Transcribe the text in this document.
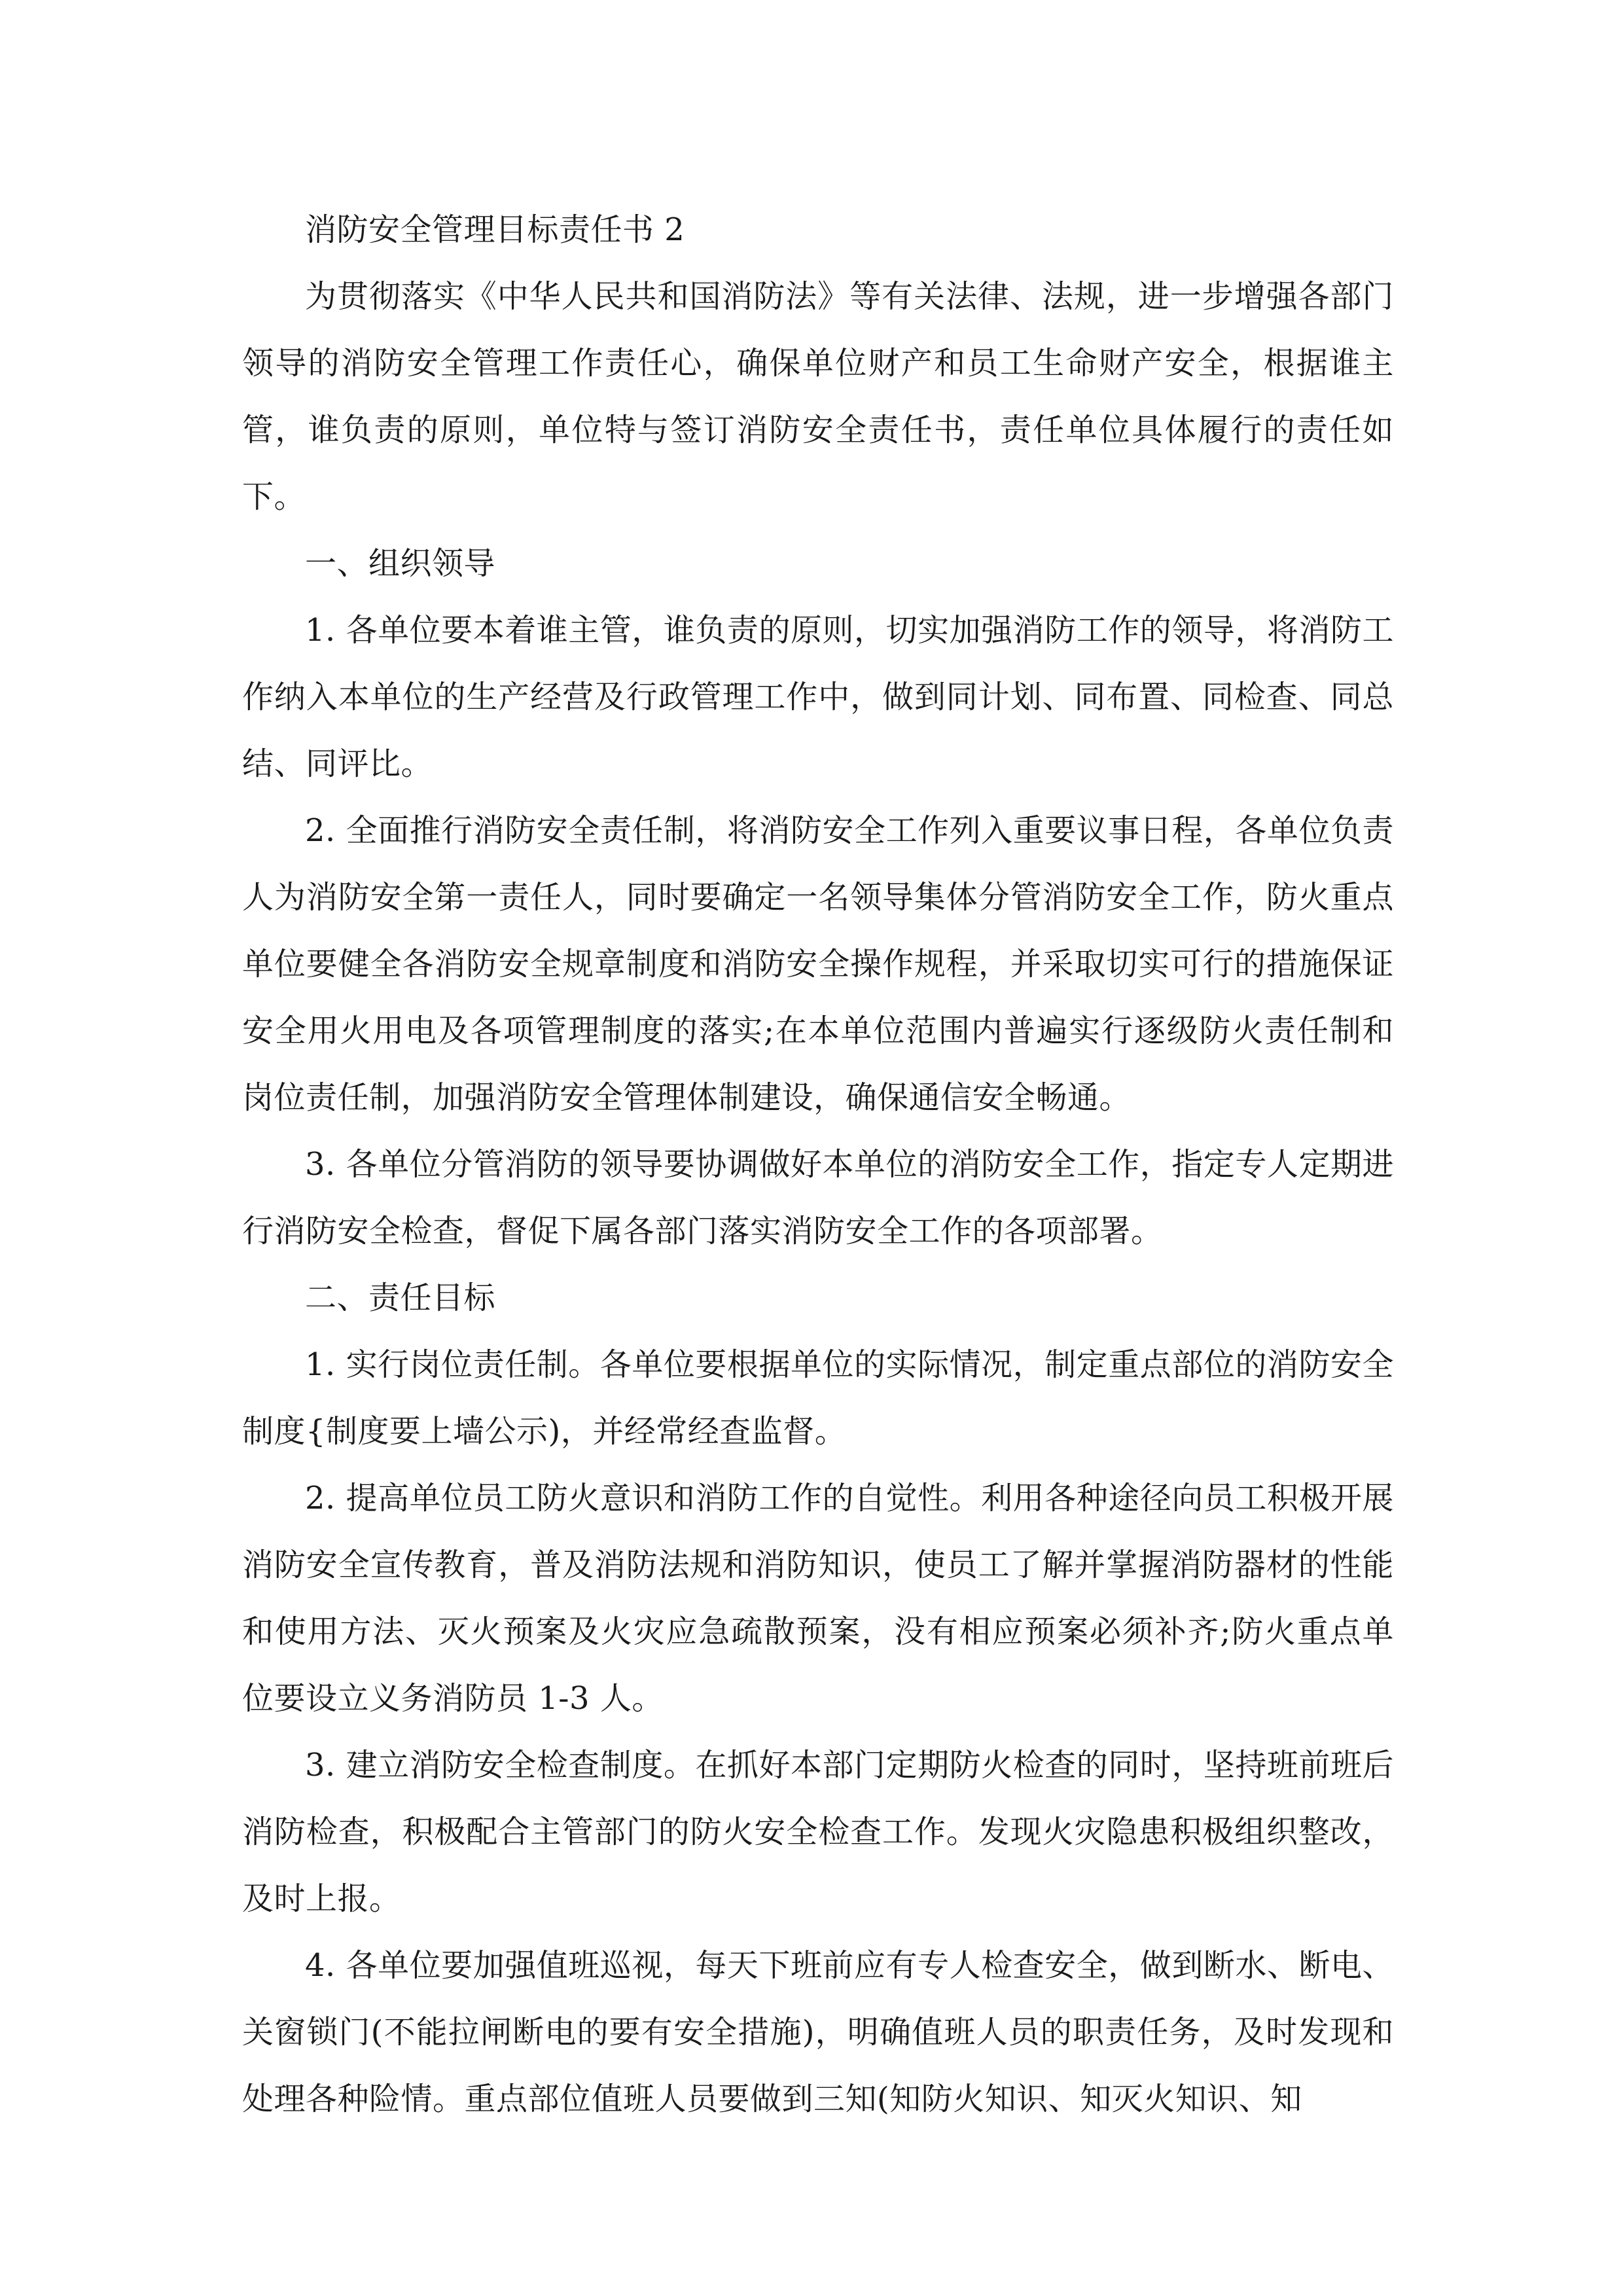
消防安全管理目标责任书 2

为贯彻落实《中华人民共和国消防法》等有关法律、法规，进一步增强各部门领导的消防安全管理工作责任心，确保单位财产和员工生命财产安全，根据谁主管，谁负责的原则，单位特与签订消防安全责任书，责任单位具体履行的责任如下。

一、组织领导

1. 各单位要本着谁主管，谁负责的原则，切实加强消防工作的领导，将消防工作纳入本单位的生产经营及行政管理工作中，做到同计划、同布置、同检查、同总结、同评比。

2. 全面推行消防安全责任制，将消防安全工作列入重要议事日程，各单位负责人为消防安全第一责任人，同时要确定一名领导集体分管消防安全工作，防火重点单位要健全各消防安全规章制度和消防安全操作规程，并采取切实可行的措施保证安全用火用电及各项管理制度的落实;在本单位范围内普遍实行逐级防火责任制和岗位责任制，加强消防安全管理体制建设，确保通信安全畅通。

3. 各单位分管消防的领导要协调做好本单位的消防安全工作，指定专人定期进行消防安全检查，督促下属各部门落实消防安全工作的各项部署。

二、责任目标

1. 实行岗位责任制。各单位要根据单位的实际情况，制定重点部位的消防安全制度{制度要上墙公示)，并经常经查监督。

2. 提高单位员工防火意识和消防工作的自觉性。利用各种途径向员工积极开展消防安全宣传教育，普及消防法规和消防知识，使员工了解并掌握消防器材的性能和使用方法、灭火预案及火灾应急疏散预案，没有相应预案必须补齐;防火重点单位要设立义务消防员 1-3 人。

3. 建立消防安全检查制度。在抓好本部门定期防火检查的同时，坚持班前班后消防检查，积极配合主管部门的防火安全检查工作。发现火灾隐患积极组织整改，及时上报。

4. 各单位要加强值班巡视，每天下班前应有专人检查安全，做到断水、断电、关窗锁门(不能拉闸断电的要有安全措施)，明确值班人员的职责任务，及时发现和处理各种险情。重点部位值班人员要做到三知(知防火知识、知灭火知识、知
